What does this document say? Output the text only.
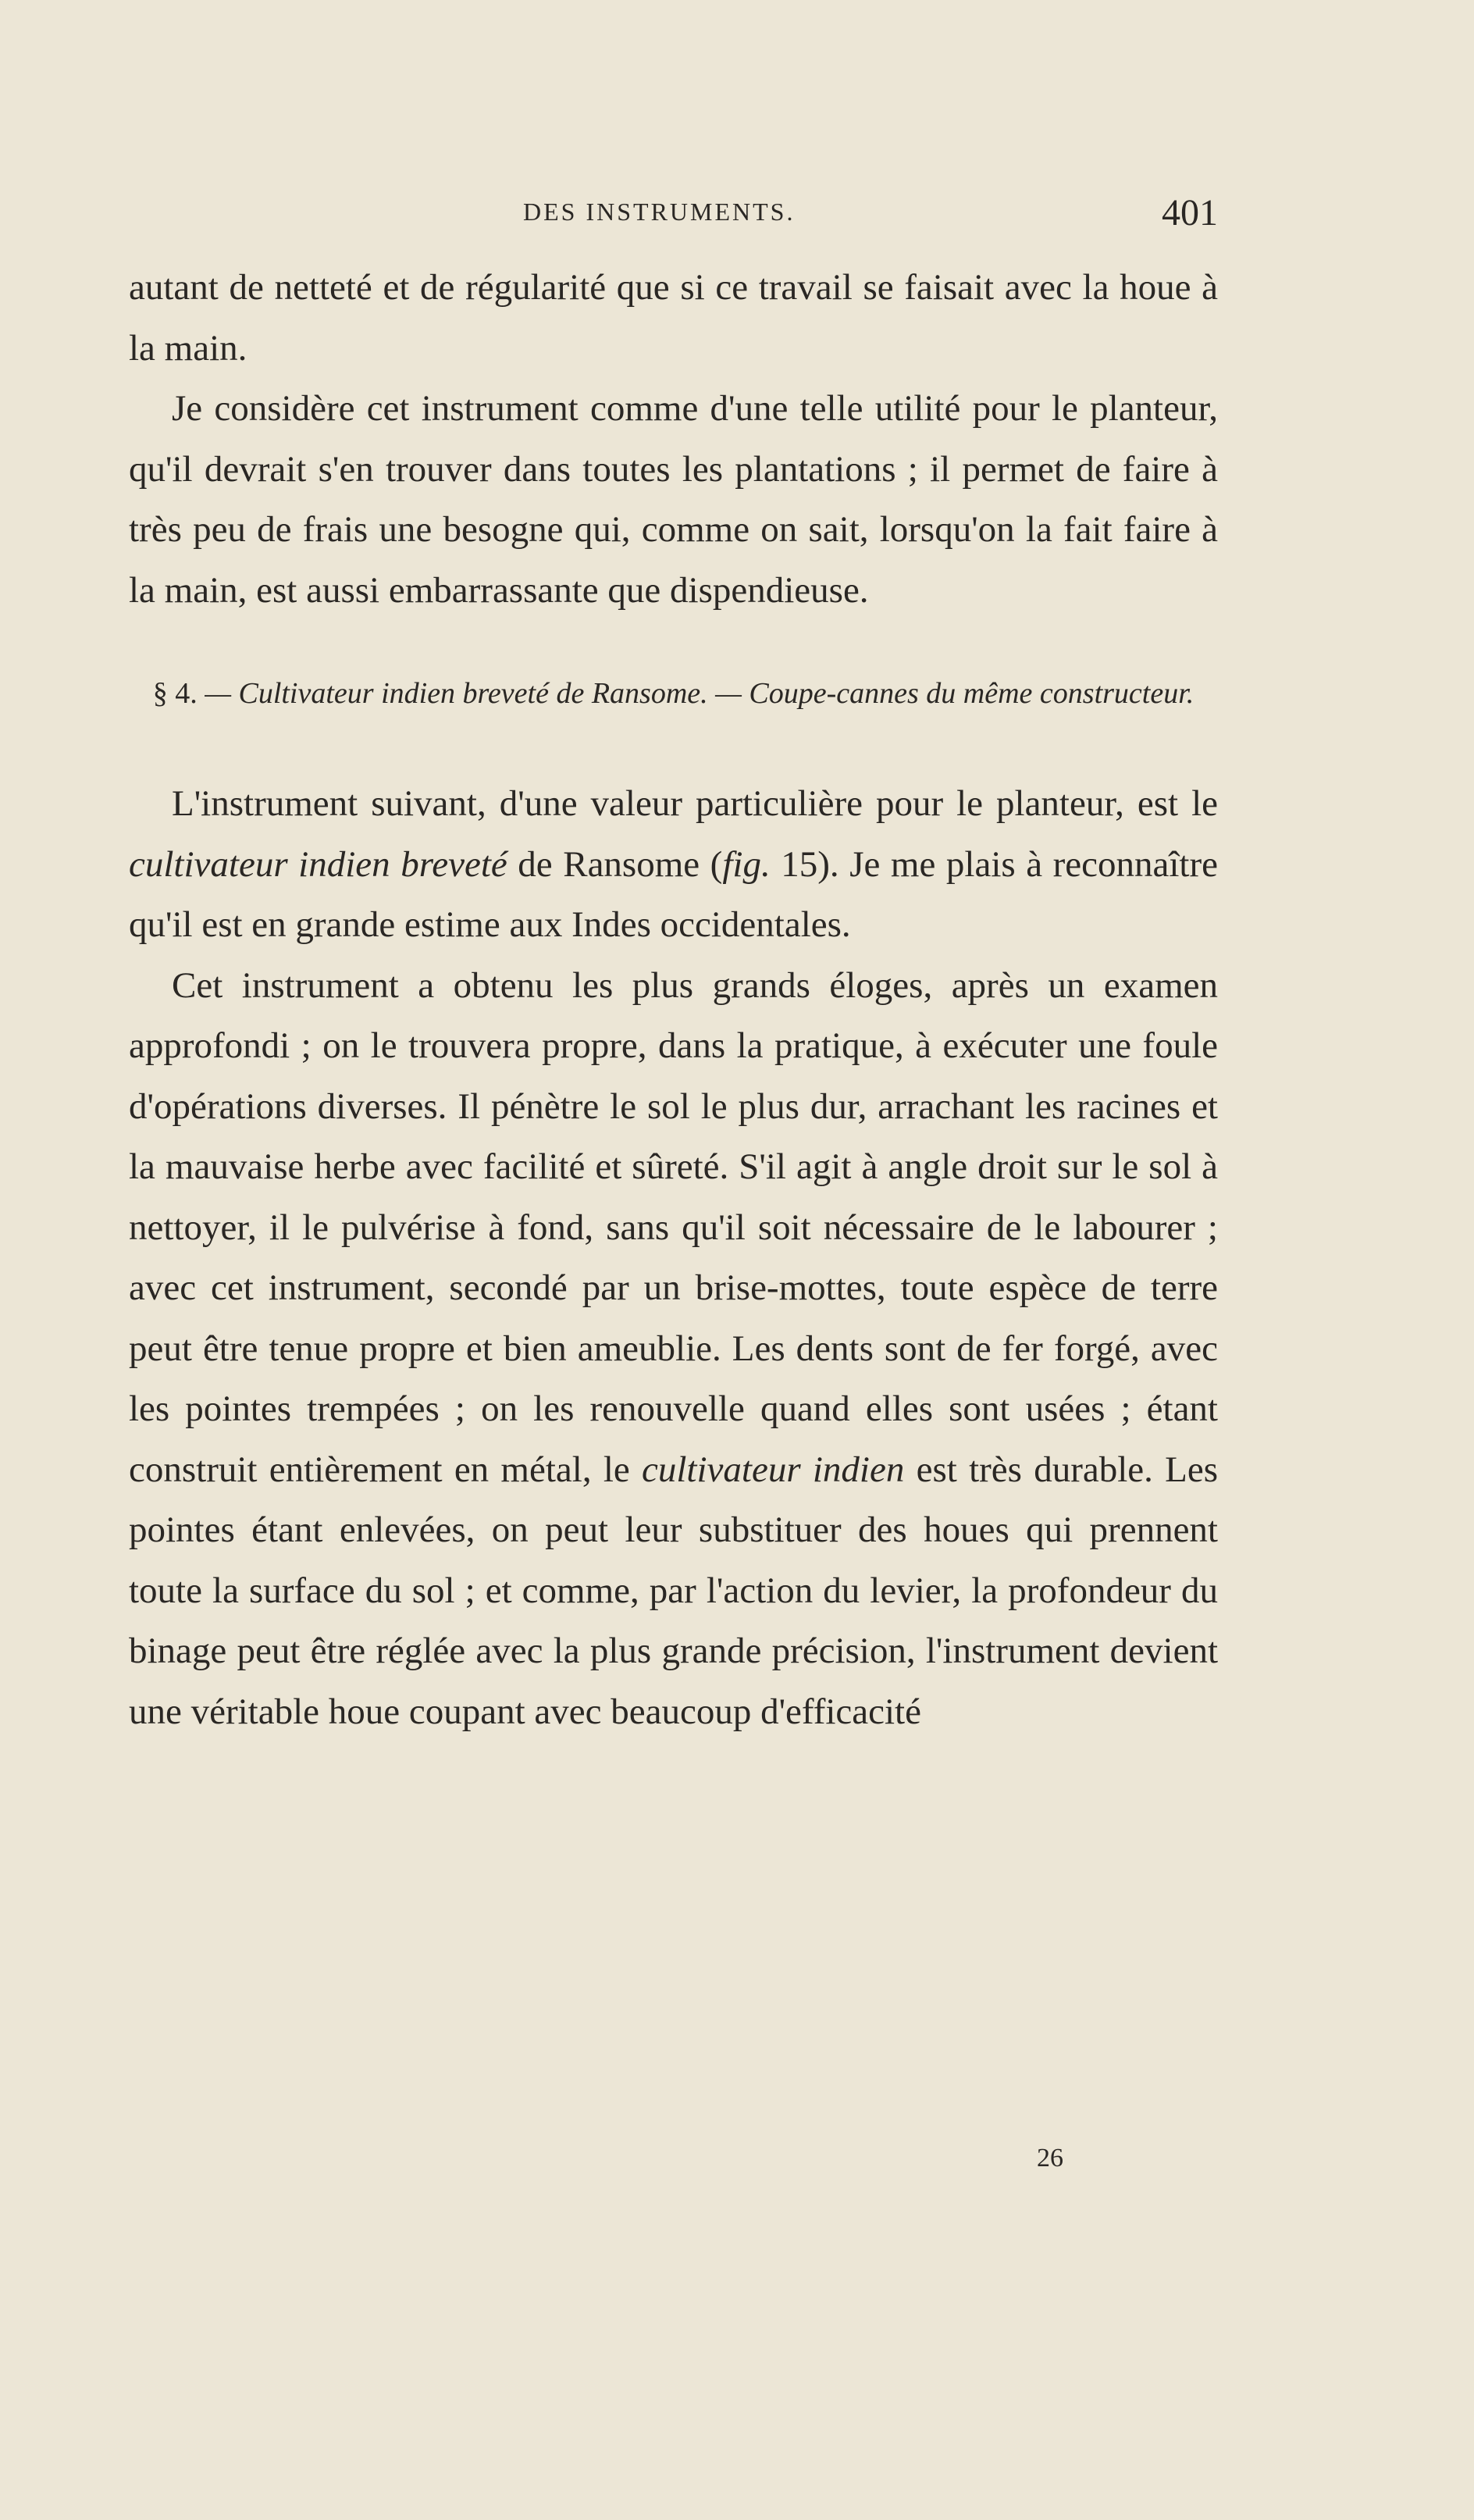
DES INSTRUMENTS.	401

autant de netteté et de régularité que si ce travail se faisait avec la houe à la main.

Je considère cet instrument comme d'une telle utilité pour le planteur, qu'il devrait s'en trouver dans toutes les plantations ; il permet de faire à très peu de frais une besogne qui, comme on sait, lorsqu'on la fait faire à la main, est aussi embarrassante que dispendieuse.

§ 4. — Cultivateur indien breveté de Ransome. — Coupe-cannes du même constructeur.

L'instrument suivant, d'une valeur particulière pour le planteur, est le cultivateur indien breveté de Ransome (fig. 15). Je me plais à reconnaître qu'il est en grande estime aux Indes occidentales.

Cet instrument a obtenu les plus grands éloges, après un examen approfondi ; on le trouvera propre, dans la pratique, à exécuter une foule d'opérations diverses. Il pénètre le sol le plus dur, arrachant les racines et la mauvaise herbe avec facilité et sûreté. S'il agit à angle droit sur le sol à nettoyer, il le pulvérise à fond, sans qu'il soit nécessaire de le labourer ; avec cet instrument, secondé par un brise-mottes, toute espèce de terre peut être tenue propre et bien ameublie. Les dents sont de fer forgé, avec les pointes trempées ; on les renouvelle quand elles sont usées ; étant construit entièrement en métal, le cultivateur indien est très durable. Les pointes étant enlevées, on peut leur substituer des houes qui prennent toute la surface du sol ; et comme, par l'action du levier, la profondeur du binage peut être réglée avec la plus grande précision, l'instrument devient une véritable houe coupant avec beaucoup d'efficacité

26
